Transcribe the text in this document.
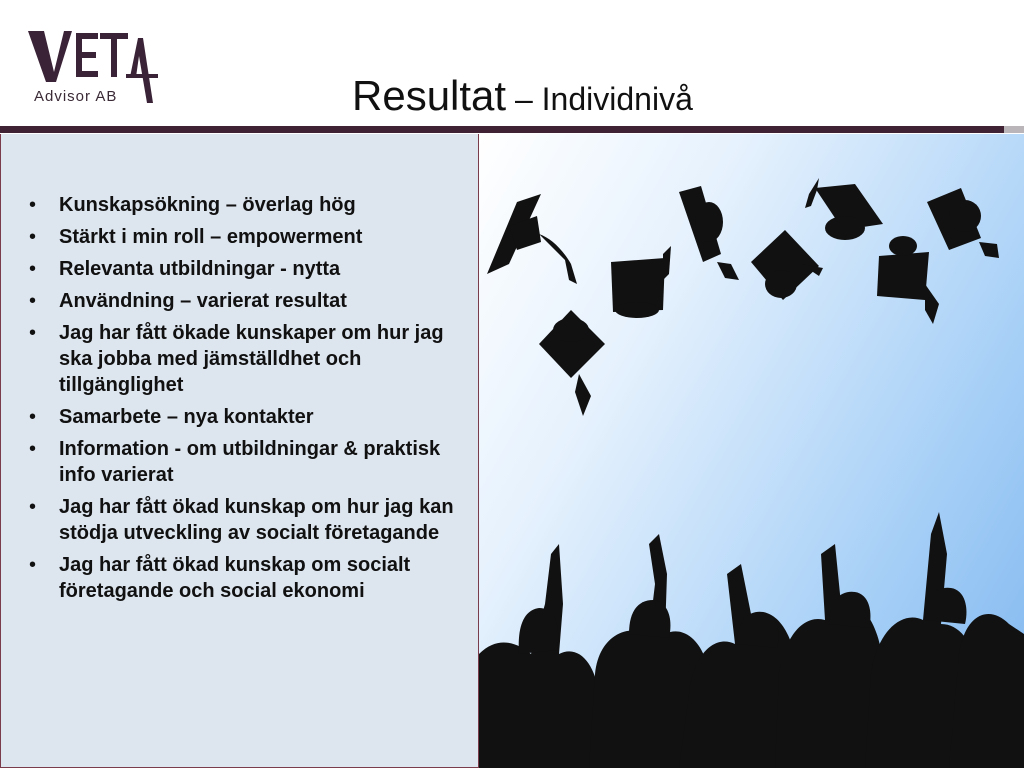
Advisor AB	Resultat – Individnivå
• Kunskapsökning – överlag hög
• Stärkt i min roll – empowerment
• Relevanta utbildningar - nytta
• Användning – varierat resultat
• Jag har fått ökade kunskaper om hur jag ska jobba med jämställdhet och tillgänglighet
• Samarbete – nya kontakter
• Information - om utbildningar & praktisk info varierat
• Jag har fått ökad kunskap om hur jag kan stödja utveckling av socialt företagande
• Jag har fått ökad kunskap om socialt företagande och social ekonomi
